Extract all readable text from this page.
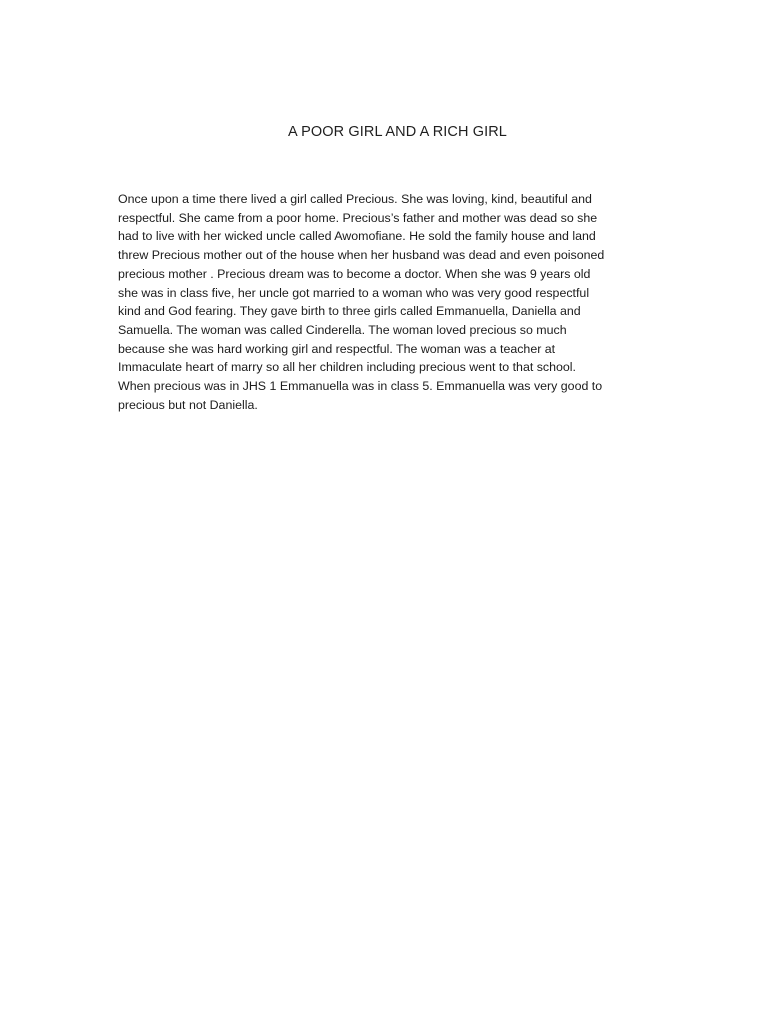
A POOR GIRL AND A RICH GIRL
Once upon a time there lived a girl called Precious. She was loving, kind, beautiful and
respectful. She came from a poor home. Precious’s father and mother was dead so she
had to live with her wicked uncle called Awomofiane. He sold the family house and land
threw Precious mother out of the house when her husband was dead and even poisoned
precious mother . Precious dream was to become a doctor. When she was 9 years old
she was in class five, her uncle got married to a woman who was very good respectful
kind and God fearing. They gave birth to three girls called Emmanuella, Daniella and
Samuella. The woman was called Cinderella. The woman loved precious so much
because she was hard working girl and respectful. The woman was a teacher at
Immaculate heart of marry so all her children including precious went to that school.
When precious was in JHS 1 Emmanuella was in class 5. Emmanuella was very good to
precious but not Daniella.
